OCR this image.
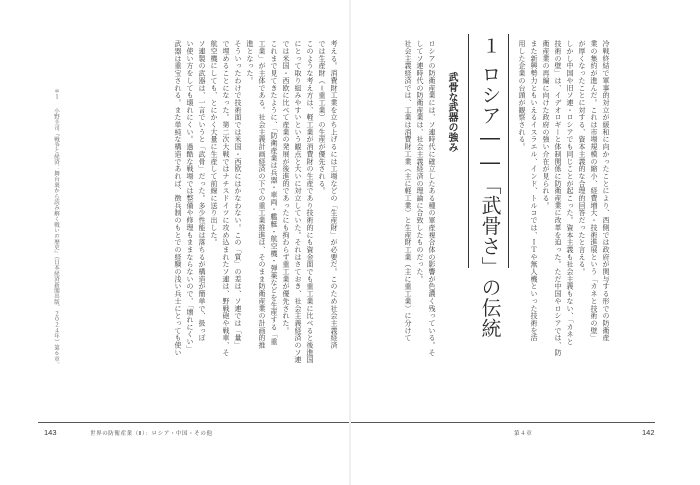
冷戦終結で軍事的対立が緩和に向かったことにより、西側では政府が関与する形での防衛産
業の集約が進んだ。これは市場規模の縮小、経費増大・技術進展という「カネと技術の壁」
が厚くなったことに対する、資本主義的な合理的回答だったと言える。
しかし中国や旧ソ連・ロシアでも同じことが起こった。資本主義も社会主義もない、「カネと
技術の壁」は、イデオロギーと体制関係に防衛産業に改革を迫った。ただ中国やロシアでは、防
衛産業の再編に向けた政府の強い介在が見られる。
また新興勢力ともいえるイスラエル、インド、トルコでは、ＩＴや無人機といった技術を活
用した企業の台頭が観察される。
１
ロシア――「武骨さ」の伝統
武骨な武器の強み
ロシアの防衛産業には、ソ連時代に確立したある種の軍産複合体の影響が色濃く残っている。そ
してソ連時代の防衛産業は、社会主義経済の理論に合致したものだった。
社会主義経済では、工業は消費財工業（主に軽工業）と生産財工業（主に重工業）に分けて
第４章	142
考える。消費財工業を立ち上げるには工場などの「生産財」が必要だ。このため社会主義経済
では生産財（＝重工業）の生産が優先される。
このような考え方は、軽工業が消費財の生産であり技術的にも資金面でも重工業に比べると後進国
にとって取り組みやすいという観点と大いに対立していた。それはさておき、社会主義経済のソ連
では米国・西欧に比べて産業の発展が後進的であったにも拘わらず重工業が優先された。
これまで見てきたように、「防衛産業は兵器・車両・艦艇・航空機・弾薬などを生産する「重
工業」が主体である。社会主義計画経済の下での重工業推進は、そのまま防衛産業の計画的推
進となった。
そういったわけで技術面では米国・西欧にはかなわない。この「質」の差は、ソ連では「量」
で埋めることになった。第二次大戦ではナチスドイツに攻め込まれたソ連は、野戦砲や戦車、そ
航空機にしても、とにかく大量に生産して前線に送り出した。
ソ連製の武器は、一言でいうと「武骨」だった。多少性能は落ちるが構造が簡単で、扱っぽ
い使い方をしても壊れにくい。過酷な戦場では整備や修理もままならないので、「壊れにくい」
武器は重宝される。また単純な構造であれば、徴兵制のもとでの経験の浅い兵士にとっても使い
＊１
小野圭司『戦争と経済：舞台裏から読み解く戦いの歴史』（日本経済新聞出版、２０２４年）第６章。
143	世界の防衛産業（Ⅱ）：ロシア・中国・その他
